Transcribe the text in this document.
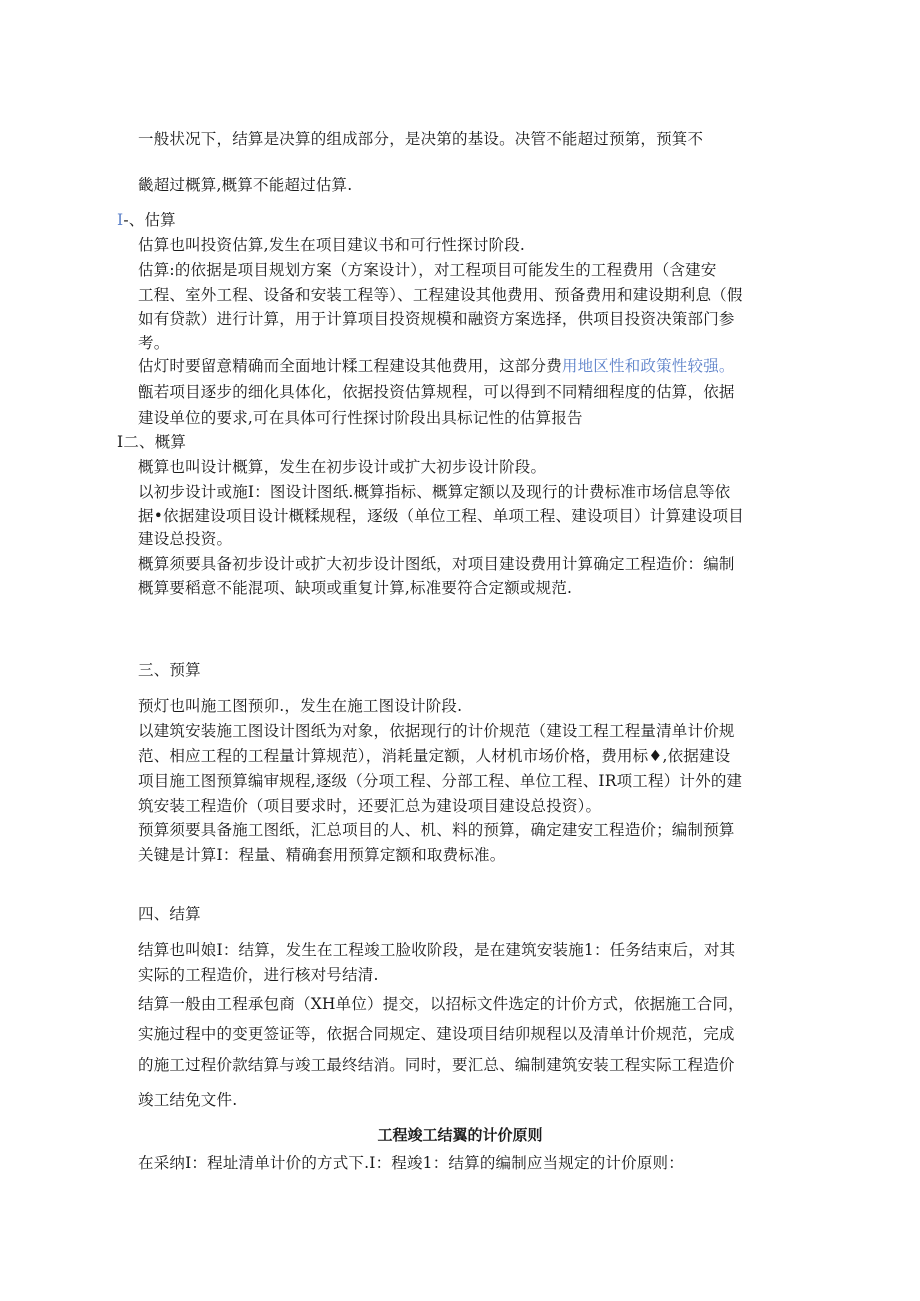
一般状况下，结算是决算的组成部分，是决第的基设。决管不能超过预第，预箕不
畿超过概算,概算不能超过估算.
I-、估算
估算也叫投资估算,发生在项目建议书和可行性探讨阶段.
估算:的依据是项目规划方案（方案设计），对工程项目可能发生的工程费用（含建安
工程、室外工程、设备和安装工程等）、工程建设其他费用、预备费用和建设期利息（假
如有贷款）进行计算，用于计算项目投资规模和融资方案选择，供项目投资决策部门参
考。
估灯时要留意精确而全面地计糅工程建设其他费用，这部分费用地区性和政策性较强。
甑若项目逐步的细化具体化，依据投资估算规程，可以得到不同精细程度的估算，依据
建设单位的要求,可在具体可行性探讨阶段出具标记性的估算报告
I二、概算
概算也叫设计概算，发生在初步设计或扩大初步设计阶段。
以初步设计或施I：图设计图纸.概算指标、概算定额以及现行的计费标准市场信息等依
据•依据建设项目设计概糅规程，逐级（单位工程、单项工程、建设项目）计算建设项目
建设总投资。
概算须要具备初步设计或扩大初步设计图纸，对项目建设费用计算确定工程造价：编制
概算要稻意不能混项、缺项或重复计算,标准要符合定额或规范.
三、预算
预灯也叫施工图预卯.，发生在施工图设计阶段.
以建筑安装施工图设计图纸为对象，依据现行的计价规范（建设工程工程量清单计价规
范、相应工程的工程量计算规范），消耗量定额，人材机市场价格，费用标♦,依据建设
项目施工图预算编审规程,逐级（分项工程、分部工程、单位工程、IR项工程）计外的建
筑安装工程造价（项目要求时，还要汇总为建设项目建设总投资）。
预算须要具备施工图纸，汇总项目的人、机、料的预算，确定建安工程造价；编制预算
关键是计算I：程量、精确套用预算定额和取费标准。
四、结算
结算也叫娘I：结算，发生在工程竣工脸收阶段，是在建筑安装施1：任务结束后，对其
实际的工程造价，进行核对号结清.
结算一般由工程承包商（XH单位）提交，以招标文件选定的计价方式，依据施工合同，
实施过程中的变更签证等，依据合同规定、建设项目结卯规程以及清单计价规范，完成
的施工过程价款结算与竣工最终结消。同时，要汇总、编制建筑安装工程实际工程造价
竣工结免文件.
工程竣工结翼的计价原则
在采纳I：程址清单计价的方式下.I：程竣1：结算的编制应当规定的计价原则：
